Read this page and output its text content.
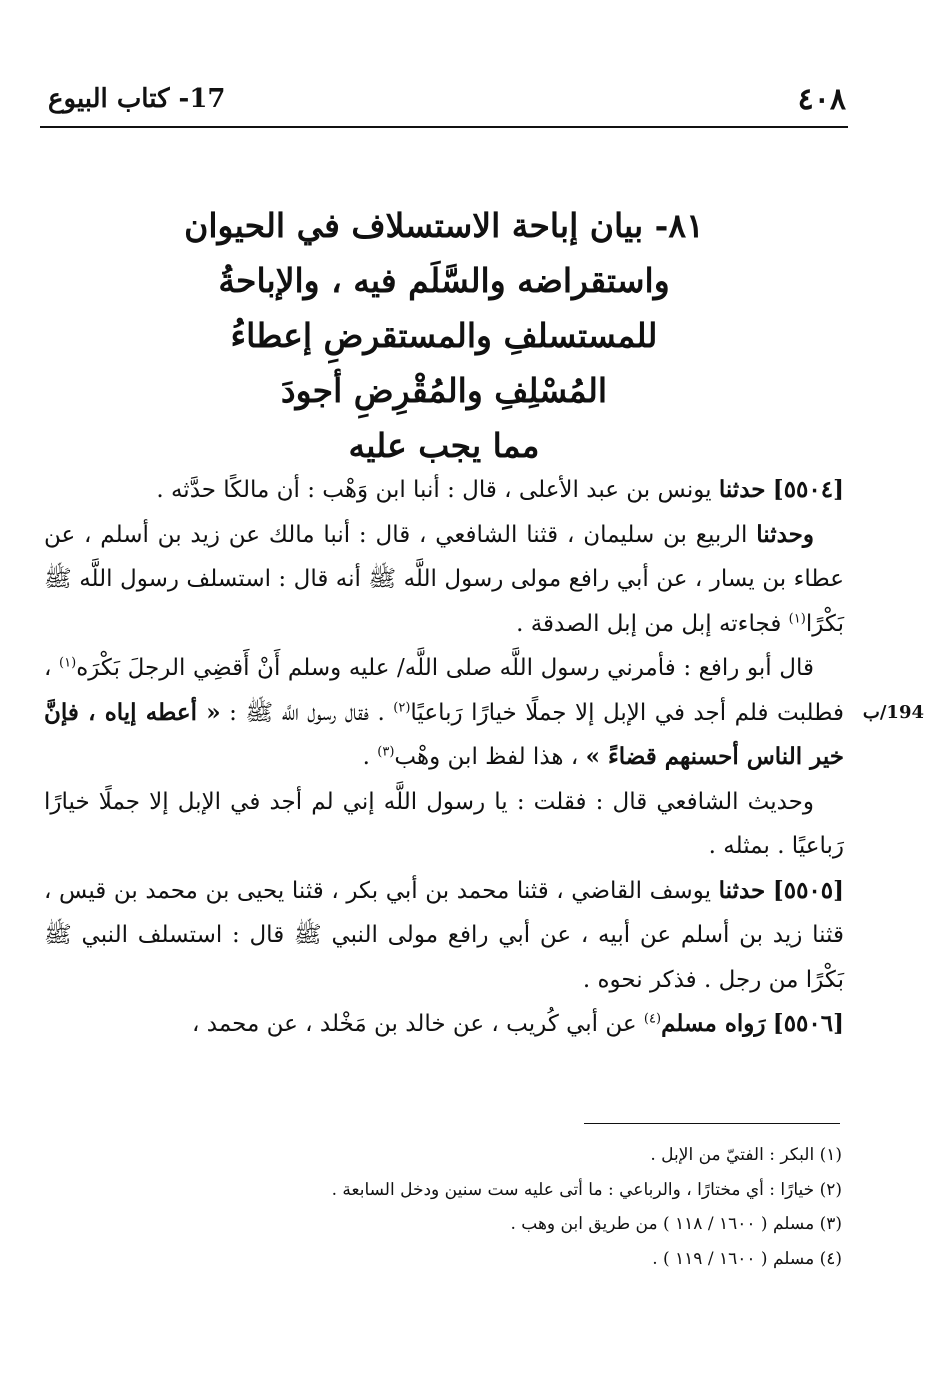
٤٠٨
17- كتاب البيوع
٨١- بيان إباحة الاستسلاف في الحيوان
واستقراضه والسَّلَم فيه ، والإباحةُ
للمستسلفِ والمستقرضِ إعطاءُ
المُسْلِفِ والمُقْرِضِ أجودَ
مما يجب عليه
194/ب

[٥٥٠٤] حدثنا يونس بن عبد الأعلى ، قال : أنبا ابن وَهْب : أن مالكًا حدَّثه .

وحدثنا الربيع بن سليمان ، قثنا الشافعي ، قال : أنبا مالك عن زيد بن أسلم ، عن عطاء بن يسار ، عن أبي رافع مولى رسول اللَّه ﷺ أنه قال : استسلف رسول اللَّه ﷺ بَكْرًا$^{(١)}$ فجاءته إبل من إبل الصدقة .

قال أبو رافع : فأمرني رسول اللَّه صلى اللَّه/ عليه وسلم أَنْ أَقضِي الرجلَ بَكْرَه$^{(١)}$ ، فطلبت فلم أجد في الإبل إلا جملًا خيارًا رَباعيًا$^{(٢)}$ . فقال رسول اللَّه ﷺ : « أعطه إياه ، فإنَّ خير الناس أحسنهم قضاءً » ، هذا لفظ ابن وهْب$^{(٣)}$ .

وحديث الشافعي قال : فقلت : يا رسول اللَّه إني لم أجد في الإبل إلا جملًا خيارًا رَباعيًا . بمثله .

[٥٥٠٥] حدثنا يوسف القاضي ، قثنا محمد بن أبي بكر ، قثنا يحيى بن محمد بن قيس ، قثنا زيد بن أسلم عن أبيه ، عن أبي رافع مولى النبي ﷺ قال : استسلف النبي ﷺ بَكْرًا من رجل . فذكر نحوه .

[٥٥٠٦] رَواه مسلم$^{(٤)}$ عن أبي كُريب ، عن خالد بن مَخْلد ، عن محمد ،

(١) البكر : الفتيّ من الإبل .
(٢) خيارًا : أي مختارًا ، والرباعي : ما أتى عليه ست سنين ودخل السابعة .
(٣) مسلم ( ١٦٠٠ / ١١٨ ) من طريق ابن وهب .
(٤) مسلم ( ١٦٠٠ / ١١٩ ) .
